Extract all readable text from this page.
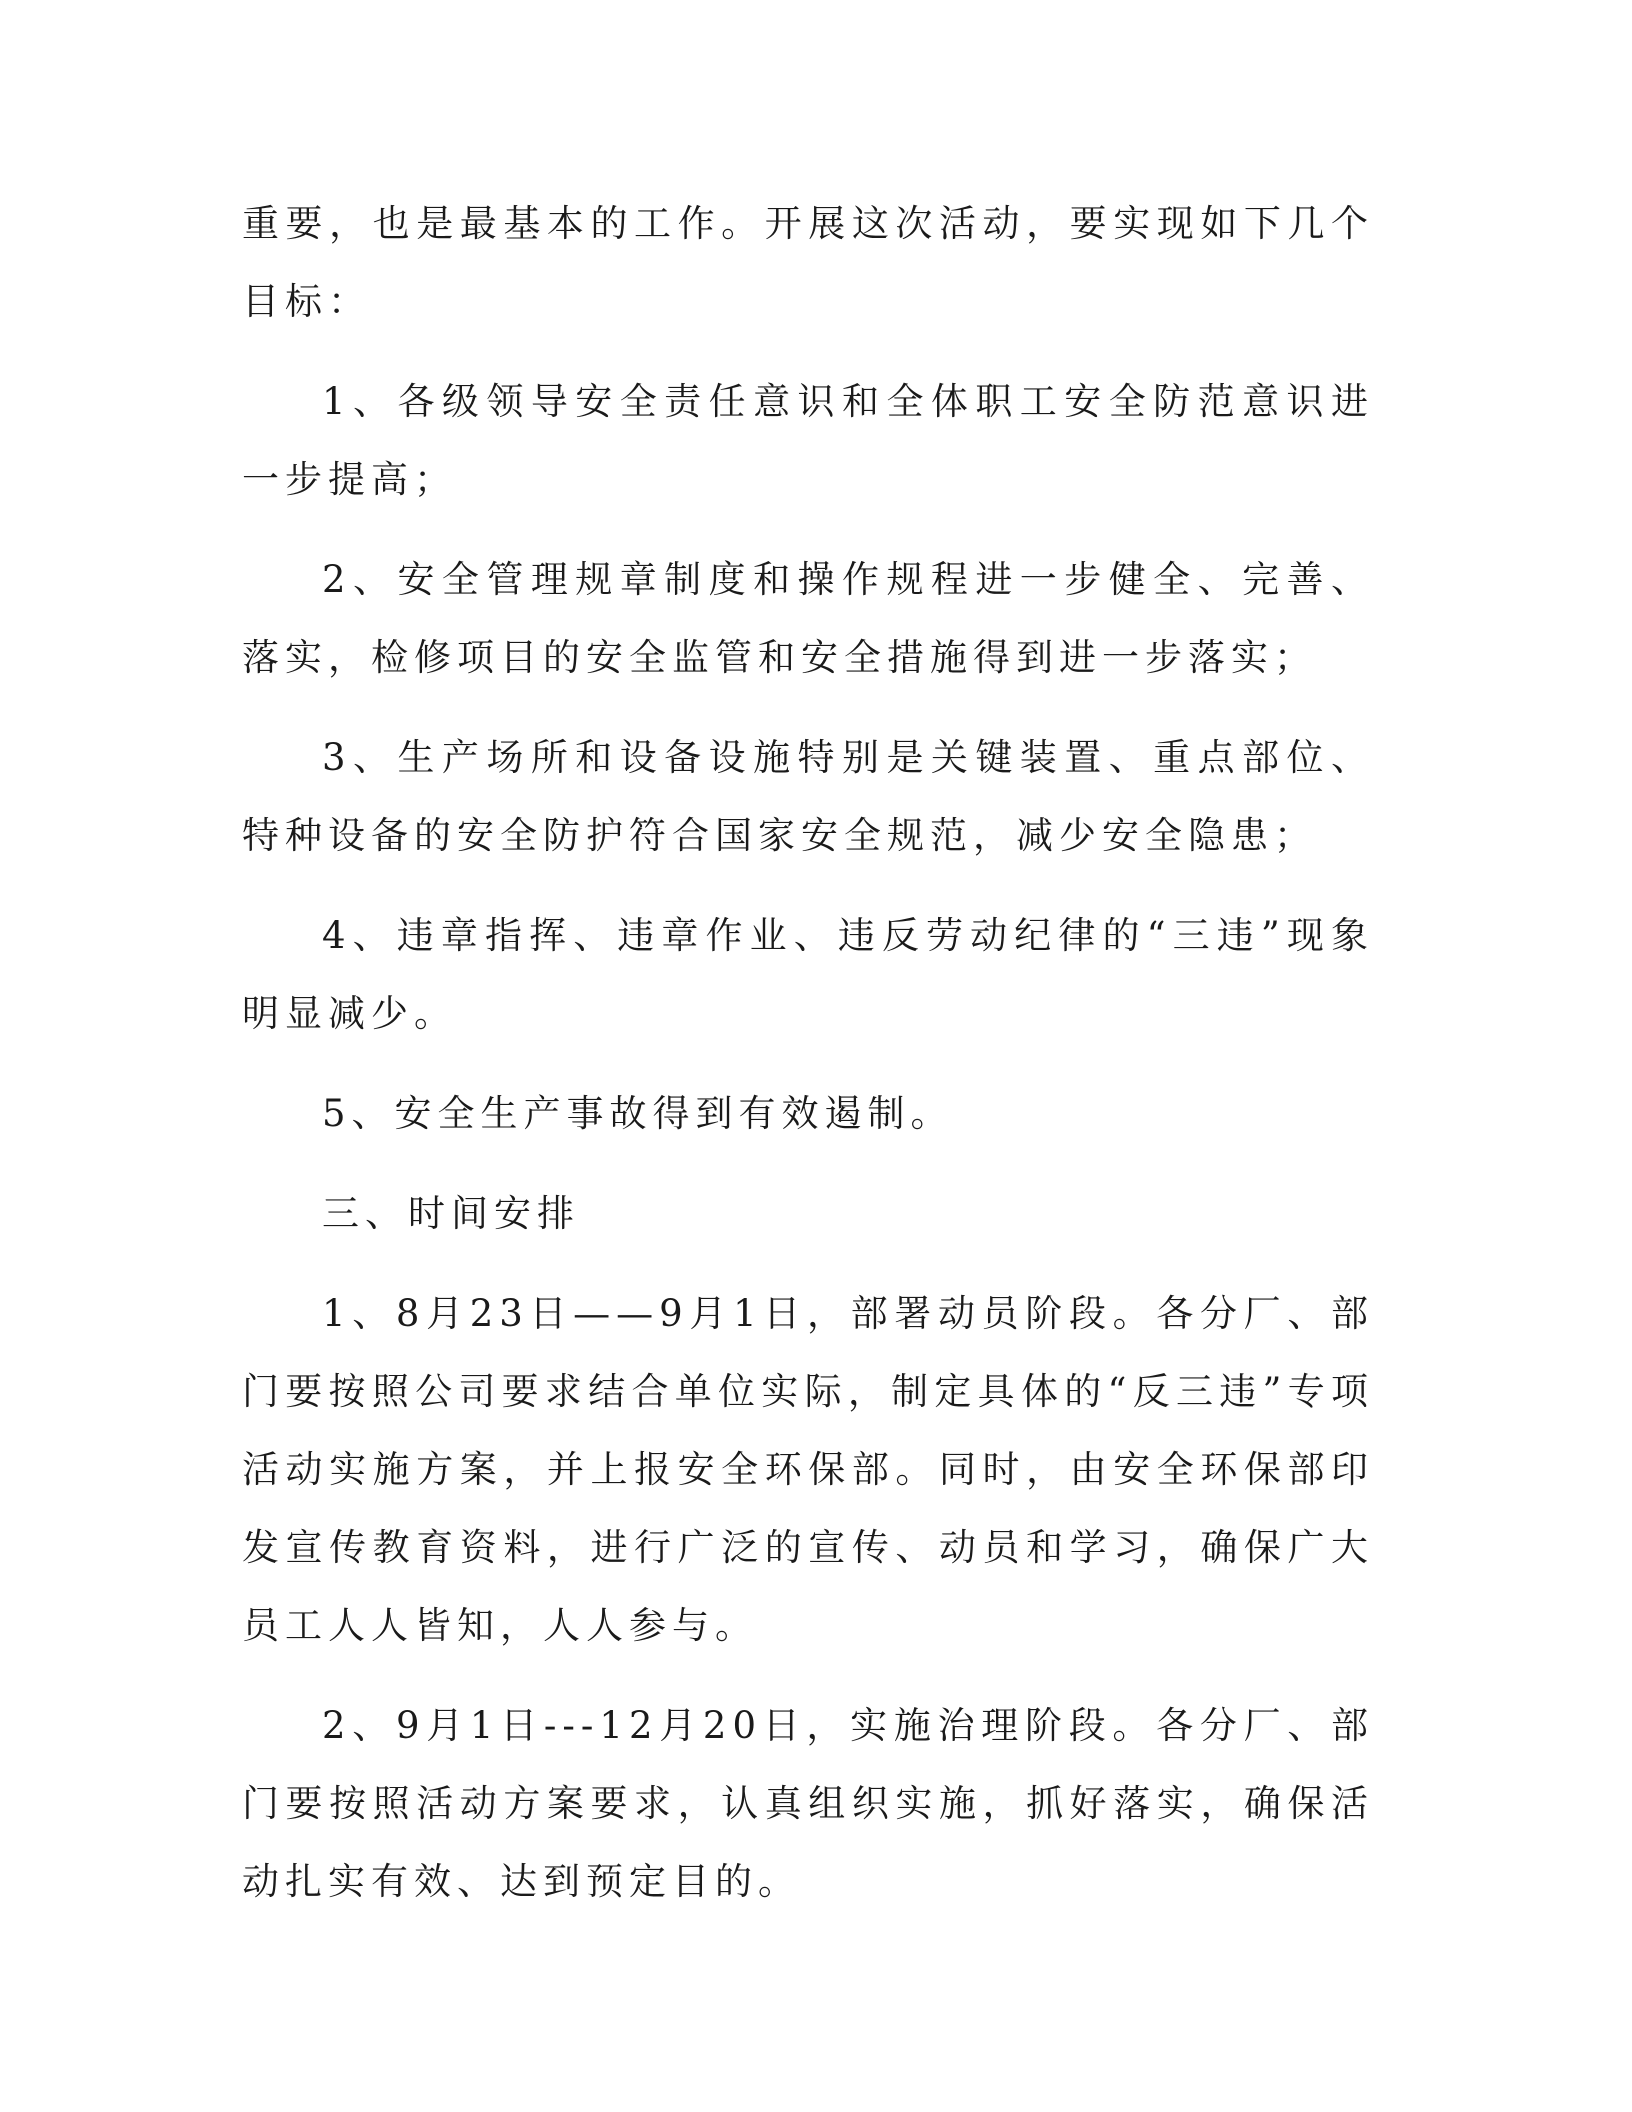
重要，也是最基本的工作。开展这次活动，要实现如下几个目标：

1、各级领导安全责任意识和全体职工安全防范意识进一步提高；

2、安全管理规章制度和操作规程进一步健全、完善、落实，检修项目的安全监管和安全措施得到进一步落实；

3、生产场所和设备设施特别是关键装置、重点部位、特种设备的安全防护符合国家安全规范，减少安全隐患；

4、违章指挥、违章作业、违反劳动纪律的“三违”现象明显减少。

5、安全生产事故得到有效遏制。

三、时间安排

1、8月23日——9月1日，部署动员阶段。各分厂、部门要按照公司要求结合单位实际，制定具体的“反三违”专项活动实施方案，并上报安全环保部。同时，由安全环保部印发宣传教育资料，进行广泛的宣传、动员和学习，确保广大员工人人皆知，人人参与。

2、9月1日---12月20日，实施治理阶段。各分厂、部门要按照活动方案要求，认真组织实施，抓好落实，确保活动扎实有效、达到预定目的。
